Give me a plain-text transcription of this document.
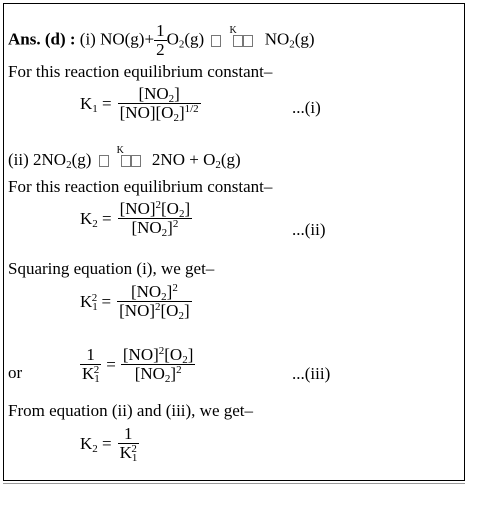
Ans. (d) : (i) $NO(g)+ \frac{1}{2} O_2(g)$	K $NO_2(g)$
For this reaction equilibrium constant–
$K_1 = \frac{[NO_2]}{[NO][O_2]^{1/2}}$	...(i)
(ii) $2NO_2(g)$	K $2NO + O_2(g)$
For this reaction equilibrium constant–
$K_2 = \frac{[NO]^2[O_2]}{[NO_2]^2}$	...(ii)
Squaring equation (i), we get–
$K_1^2 = \frac{[NO_2]^2}{[NO]^2[O_2]}$
or	$\frac{1}{K_1^2} = \frac{[NO]^2[O_2]}{[NO_2]^2}$	...(iii)
From equation (ii) and (iii), we get–
$K_2 = \frac{1}{K_1^2}$
